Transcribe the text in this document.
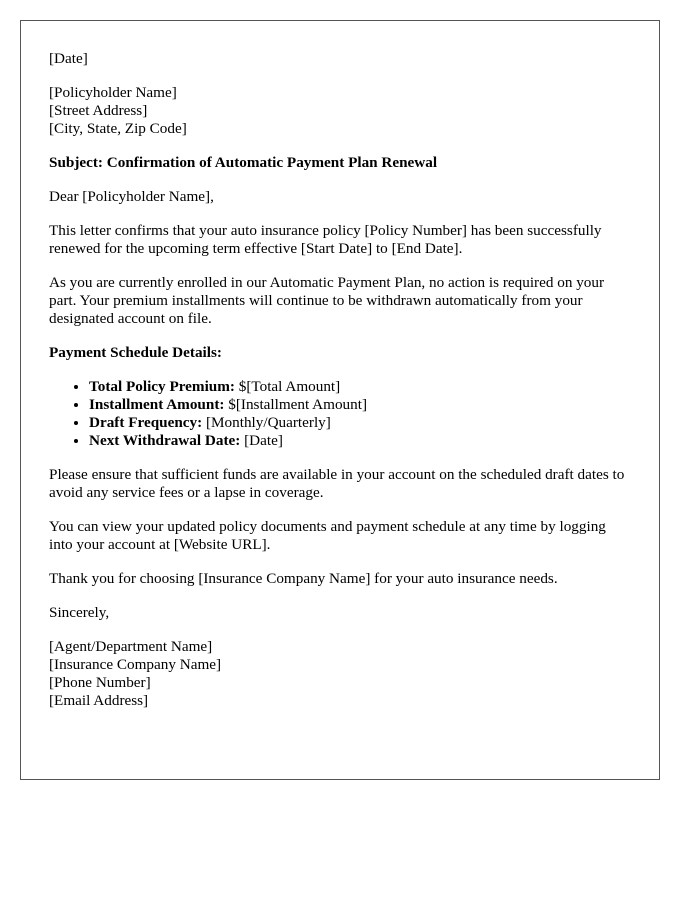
[Date]

[Policyholder Name]

[Street Address]

[City, State, Zip Code]

Subject: Confirmation of Automatic Payment Plan Renewal

Dear [Policyholder Name],

This letter confirms that your auto insurance policy [Policy Number] has been successfully renewed for the upcoming term effective [Start Date] to [End Date].

As you are currently enrolled in our Automatic Payment Plan, no action is required on your part. Your premium installments will continue to be withdrawn automatically from your designated account on file.

Payment Schedule Details:

• Total Policy Premium: $[Total Amount]
• Installment Amount: $[Installment Amount]
• Draft Frequency: [Monthly/Quarterly]
• Next Withdrawal Date: [Date]

Please ensure that sufficient funds are available in your account on the scheduled draft dates to avoid any service fees or a lapse in coverage.

You can view your updated policy documents and payment schedule at any time by logging into your account at [Website URL].

Thank you for choosing [Insurance Company Name] for your auto insurance needs.

Sincerely,

[Agent/Department Name]

[Insurance Company Name]

[Phone Number]

[Email Address]
